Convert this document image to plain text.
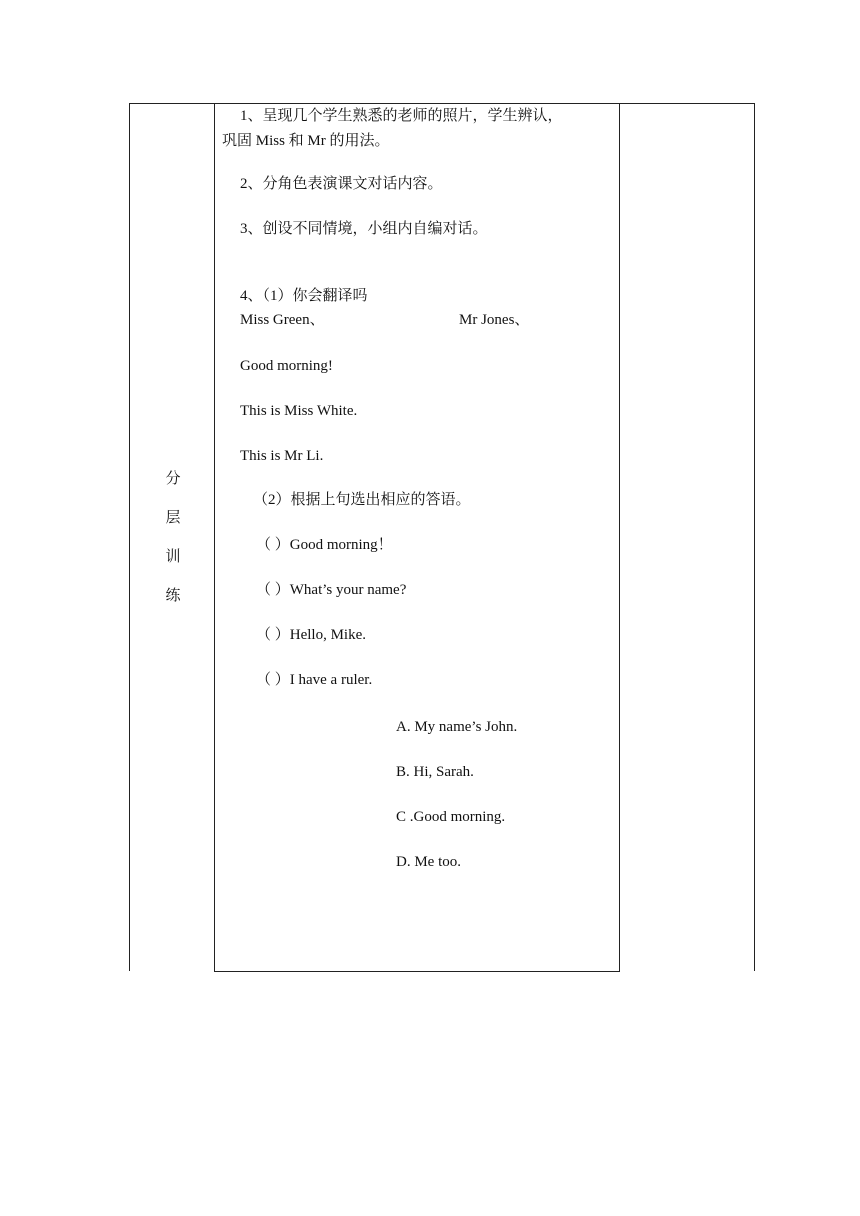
分
层
训
练
1、呈现几个学生熟悉的老师的照片，学生辨认，
巩固 Miss 和 Mr 的用法。
2、分角色表演课文对话内容。
3、创设不同情境，小组内自编对话。
4、（1）你会翻译吗
Miss Green、	Mr Jones、
Good morning!
This is Miss White.
This is Mr Li.
（2）根据上句选出相应的答语。
（ ）Good morning！
（ ）What’s your name?
（ ）Hello, Mike.
（ ）I have a ruler.
A. My name’s John.
B. Hi, Sarah.
C .Good morning.
D. Me too.
